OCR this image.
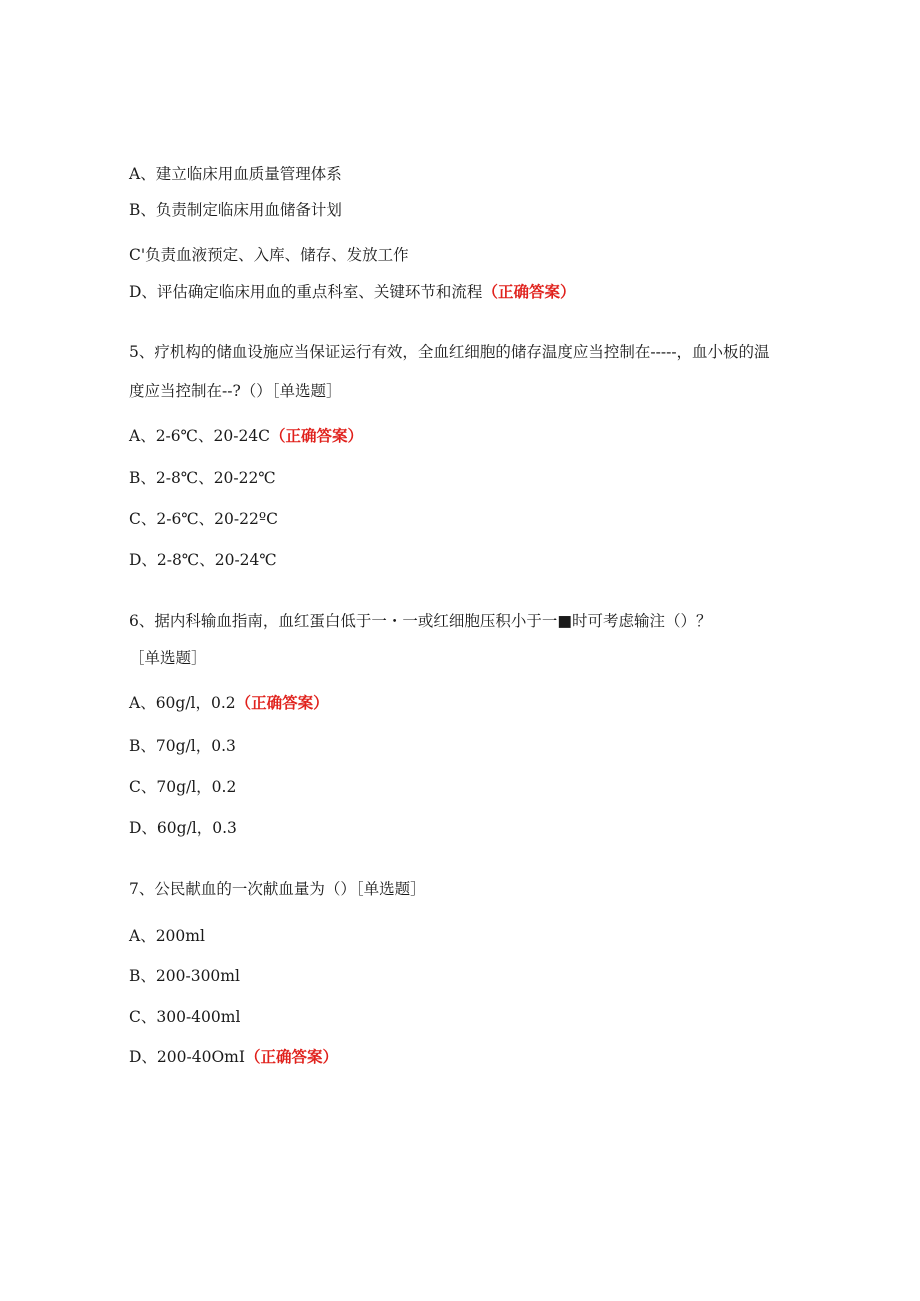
A、建立临床用血质量管理体系
B、负责制定临床用血储备计划
C'负责血液预定、入库、储存、发放工作
D、评估确定临床用血的重点科室、关键环节和流程（正确答案）
5、疗机构的储血设施应当保证运行有效，全血红细胞的储存温度应当控制在-----，血小板的温度应当控制在--?（）［单选题］
A、2-6℃、20-24C（正确答案）
B、2-8℃、20-22℃
C、2-6℃、20-22ºC
D、2-8℃、20-24℃
6、据内科输血指南，血红蛋白低于一・一或红细胞压积小于一■时可考虑输注（）？
［单选题］
A、60g/l，0.2（正确答案）
B、70g/l，0.3
C、70g/l，0.2
D、60g/l，0.3
7、公民献血的一次献血量为（）［单选题］
A、200ml
B、200-300ml
C、300-400ml
D、200-40OmI（正确答案）
